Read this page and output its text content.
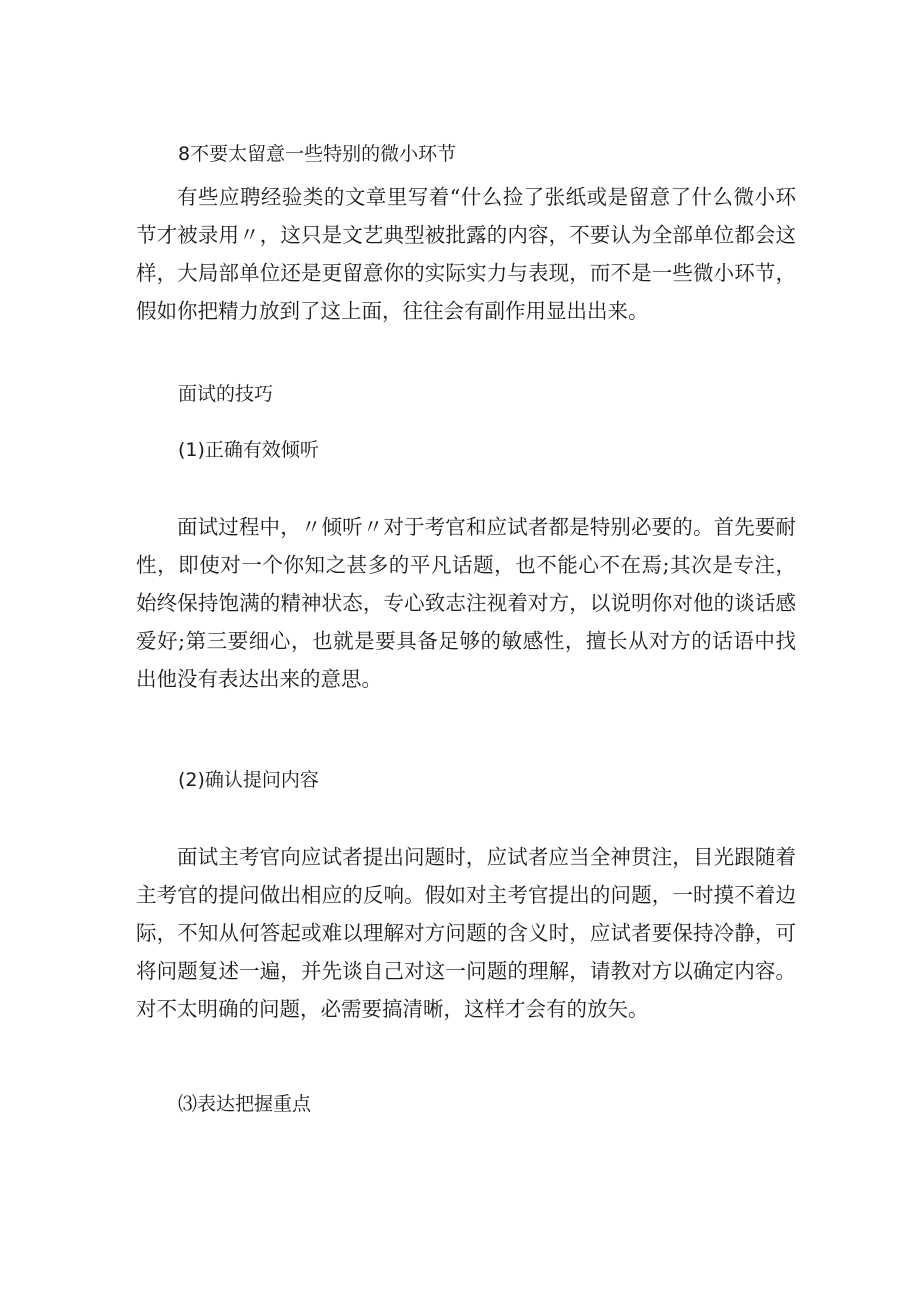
8不要太留意一些特别的微小环节

有些应聘经验类的文章里写着“什么捡了张纸或是留意了什么微小环节才被录用〃，这只是文艺典型被批露的内容，不要认为全部单位都会这样，大局部单位还是更留意你的实际实力与表现，而不是一些微小环节，假如你把精力放到了这上面，往往会有副作用显出出来。

面试的技巧
(1)正确有效倾听

面试过程中，〃倾听〃对于考官和应试者都是特别必要的。首先要耐性，即使对一个你知之甚多的平凡话题，也不能心不在焉;其次是专注，始终保持饱满的精神状态，专心致志注视着对方，以说明你对他的谈话感爱好;第三要细心，也就是要具备足够的敏感性，擅长从对方的话语中找出他没有表达出来的意思。

(2)确认提问内容

面试主考官向应试者提出问题时，应试者应当全神贯注，目光跟随着主考官的提问做出相应的反响。假如对主考官提出的问题，一时摸不着边际，不知从何答起或难以理解对方问题的含义时，应试者要保持冷静，可将问题复述一遍，并先谈自己对这一问题的理解，请教对方以确定内容。对不太明确的问题，必需要搞清晰，这样才会有的放矢。

⑶表达把握重点
